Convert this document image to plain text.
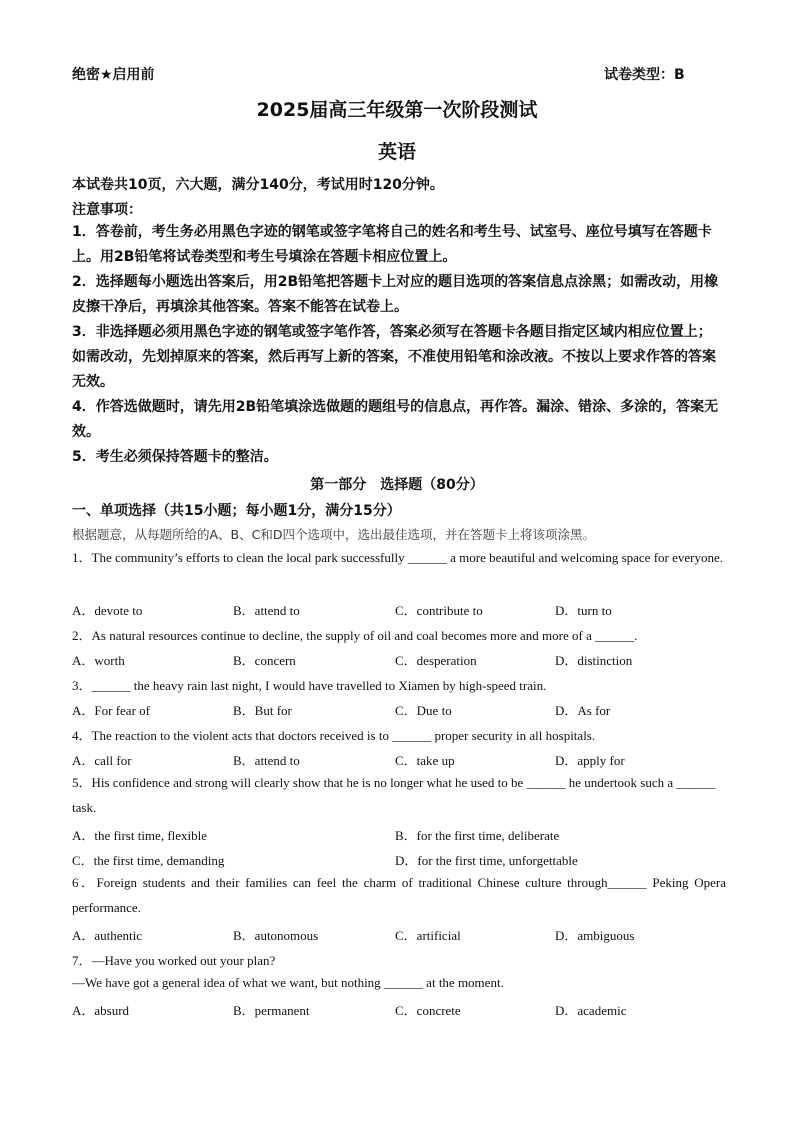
绝密★启用前	试卷类型：B
2025届高三年级第一次阶段测试
英语
本试卷共10页，六大题，满分140分，考试用时120分钟。
注意事项：
1．答卷前，考生务必用黑色字迹的钢笔或签字笔将自己的姓名和考生号、试室号、座位号填写在答题卡上。用2B铅笔将试卷类型和考生号填涂在答题卡相应位置上。
2．选择题每小题选出答案后，用2B铅笔把答题卡上对应的题目选项的答案信息点涂黑；如需改动，用橡皮擦干净后，再填涂其他答案。答案不能答在试卷上。
3．非选择题必须用黑色字迹的钢笔或签字笔作答，答案必须写在答题卡各题目指定区域内相应位置上；如需改动，先划掉原来的答案，然后再写上新的答案，不准使用铅笔和涂改液。不按以上要求作答的答案无效。
4．作答选做题时，请先用2B铅笔填涂选做题的题组号的信息点，再作答。漏涂、错涂、多涂的，答案无效。
5．考生必须保持答题卡的整洁。
第一部分　选择题（80分）
一、单项选择（共15小题；每小题1分，满分15分）
根据题意，从每题所给的A、B、C和D四个选项中，选出最佳选项，并在答题卡上将该项涂黑。
1．The community’s efforts to clean the local park successfully ______ a more beautiful and welcoming space for everyone.
A．devote to	B．attend to	C．contribute to	D．turn to
2．As natural resources continue to decline, the supply of oil and coal becomes more and more of a ______.
A．worth	B．concern	C．desperation	D．distinction
3．______ the heavy rain last night, I would have travelled to Xiamen by high-speed train.
A．For fear of	B．But for	C．Due to	D．As for
4．The reaction to the violent acts that doctors received is to ______ proper security in all hospitals.
A．call for	B．attend to	C．take up	D．apply for
5．His confidence and strong will clearly show that he is no longer what he used to be ______ he undertook such a ______ task.
A．the first time, flexible	B．for the first time, deliberate
C．the first time, demanding	D．for the first time, unforgettable
6．Foreign students and their families can feel the charm of traditional Chinese culture through______ Peking Opera performance.
A．authentic	B．autonomous	C．artificial	D．ambiguous
7．—Have you worked out your plan?
—We have got a general idea of what we want, but nothing ______ at the moment.
A．absurd	B．permanent	C．concrete	D．academic
